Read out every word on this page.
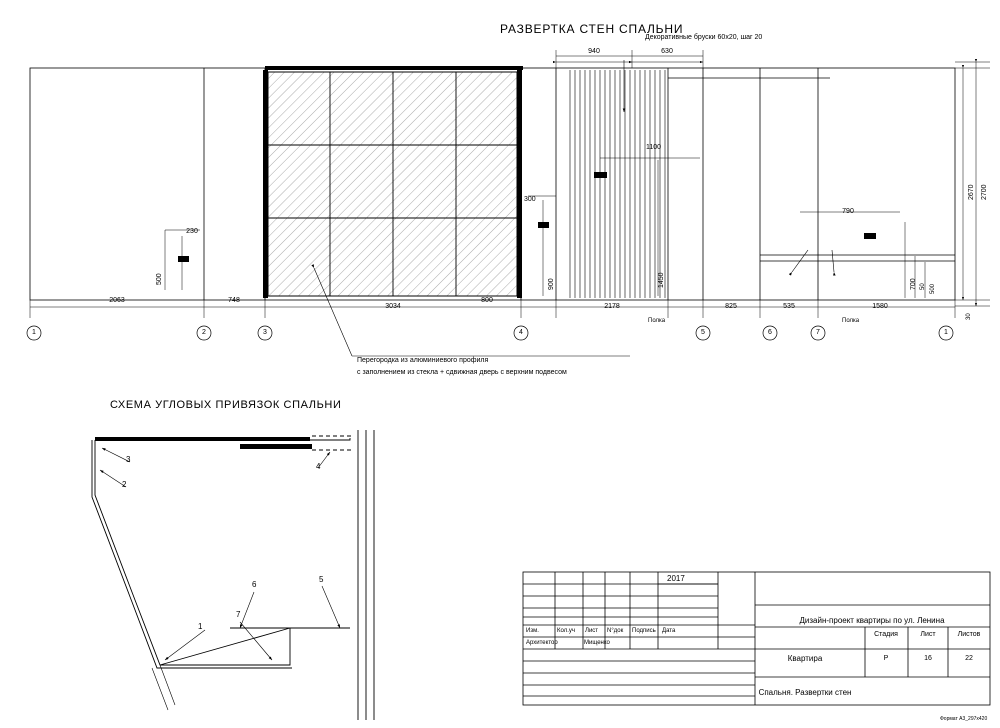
РАЗВЕРТКА СТЕН СПАЛЬНИ
СХЕМА УГЛОВЫХ ПРИВЯЗОК СПАЛЬНИ
Декоративные бруски 60х20, шаг 20
Перегородка из алюминиевого профиля
с заполнением из стекла + сдвижная дверь с верхним подвесом
Полка	Полка
Формат А3_297х420
940	630
2063	748
3034
800
2178	825	535	1580
2670 2700
30
230
500
300
900
1100
1450
790
700 50 500
1	2	3	4	5	6	7	1
3
2
4
6
5
7
1
2017
Изм.	Кол.уч Лист N°док Подпись Дата
Архитектор	Мищенко
Дизайн-проект квартиры по ул. Ленина
Квартира
Спальня. Развертки стен
Стадия	Лист	Листов
Р	16	22
